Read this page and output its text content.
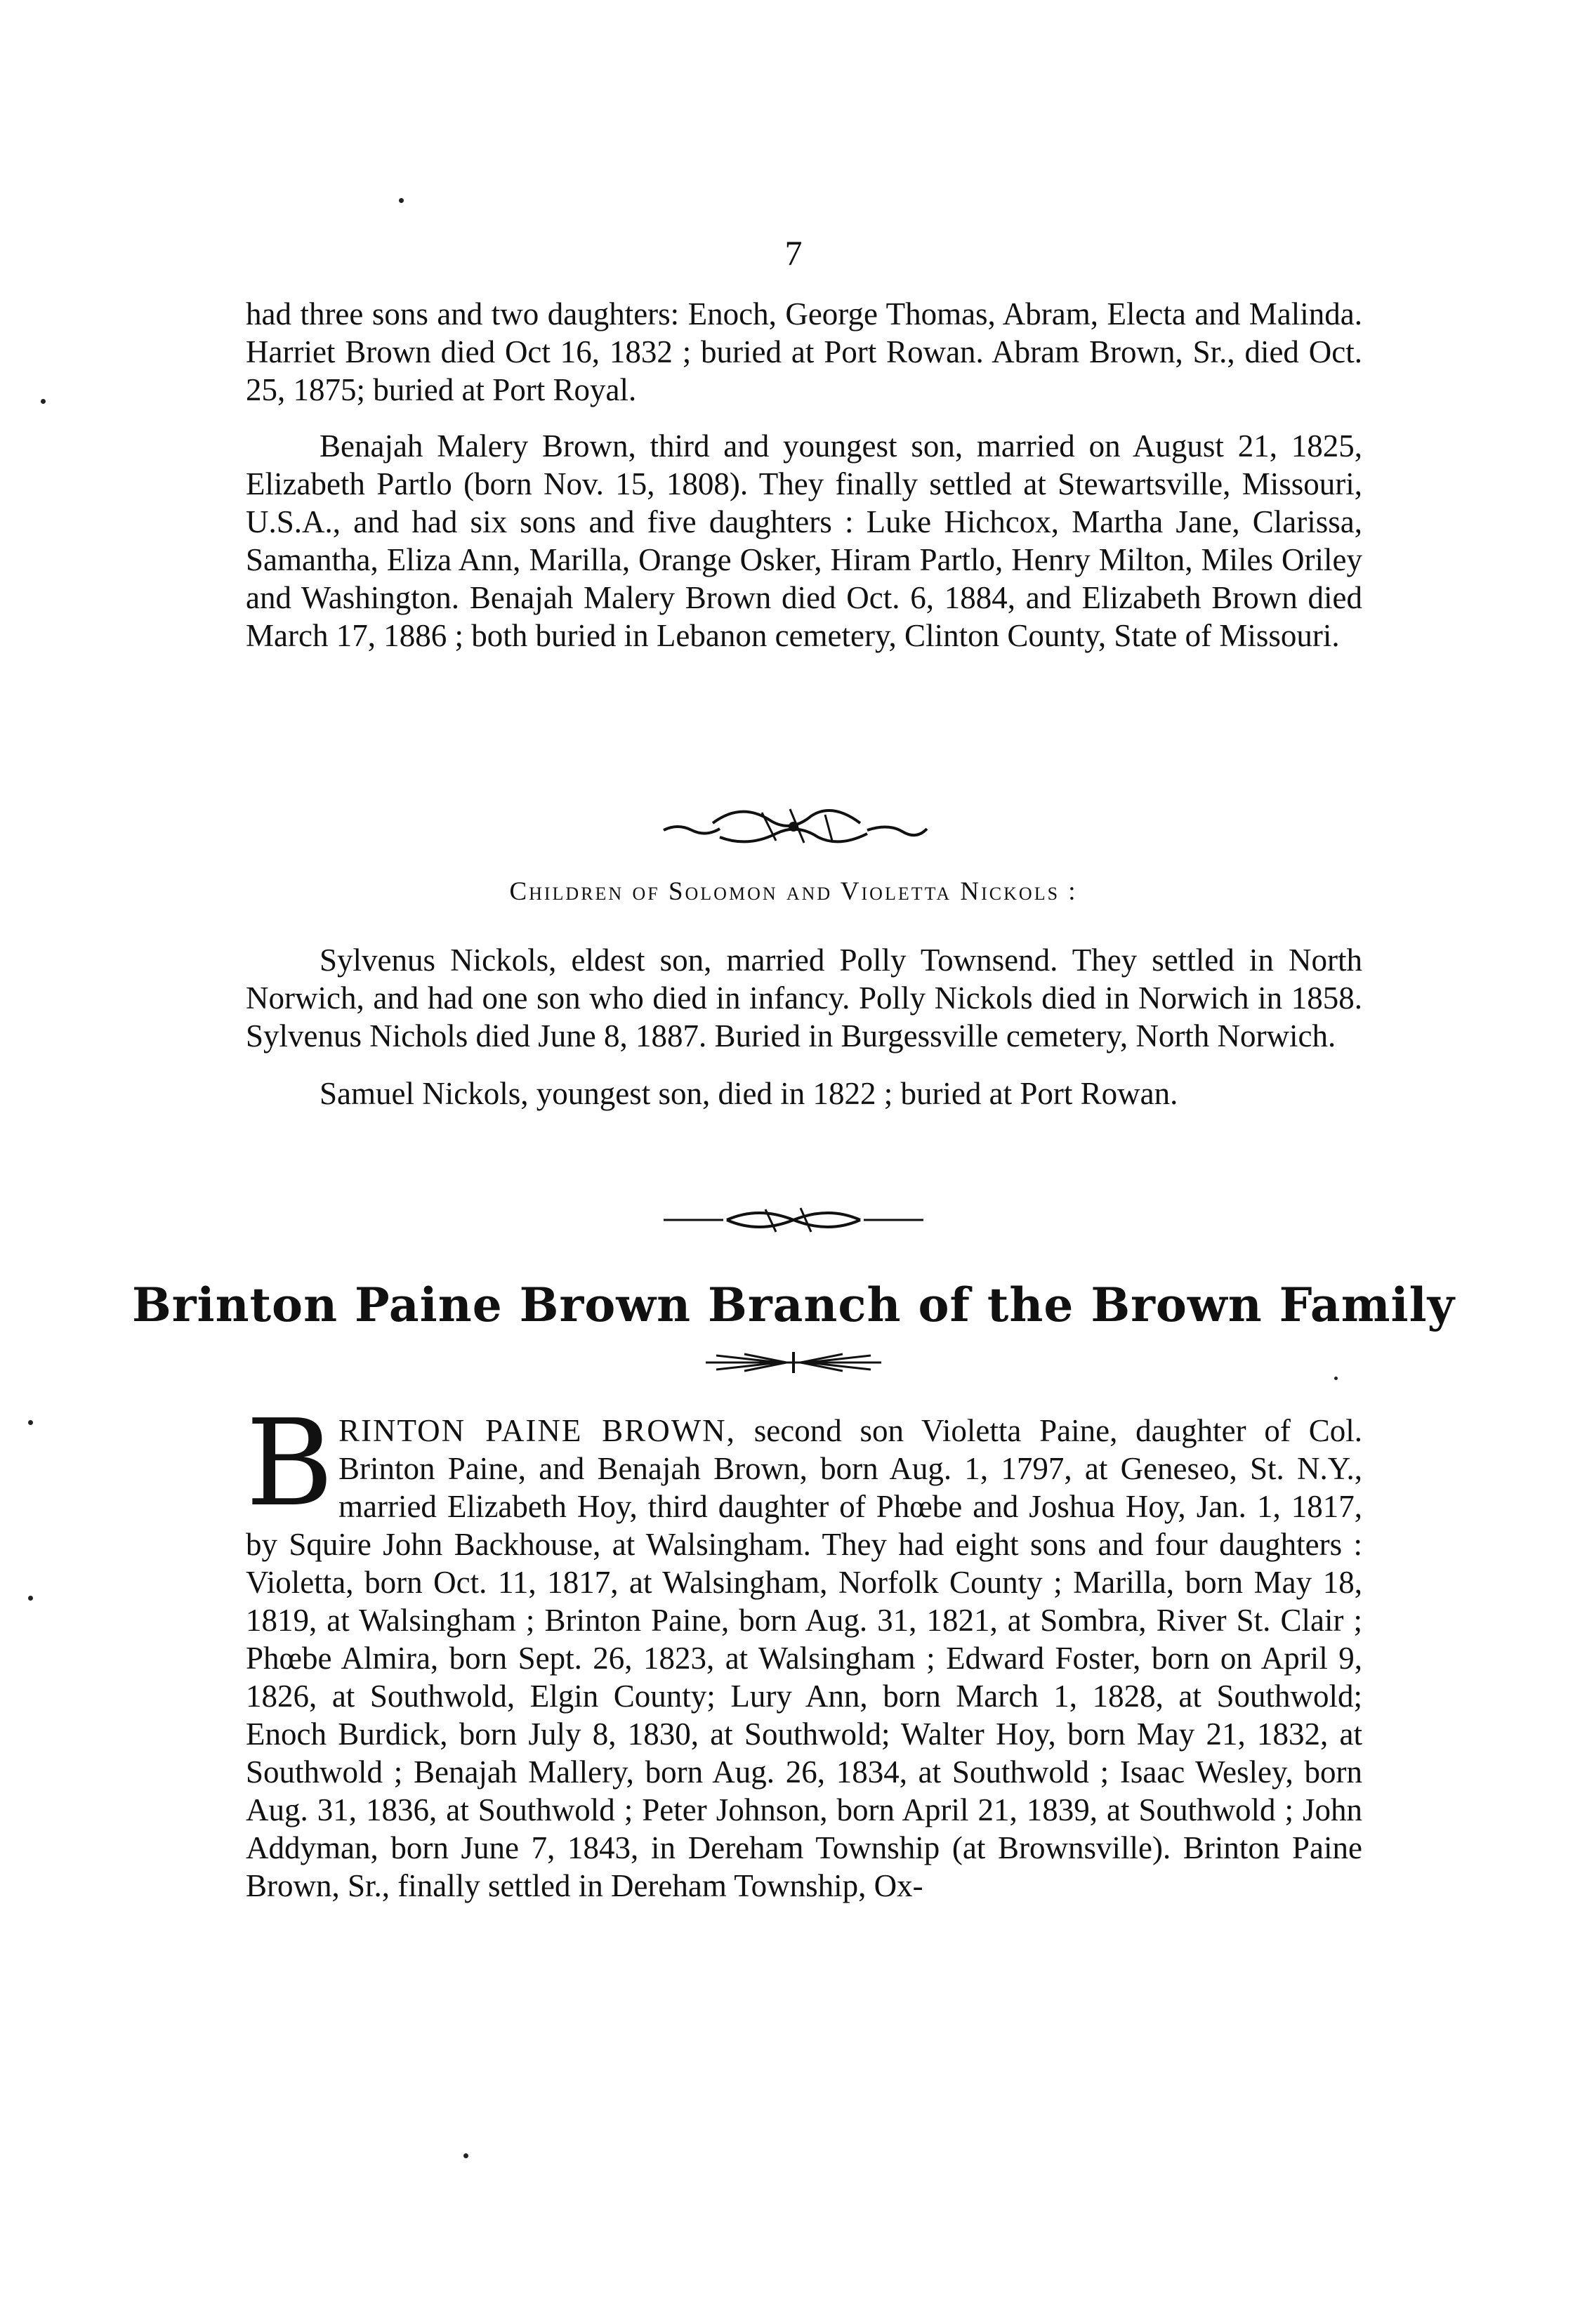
7

had three sons and two daughters: Enoch, George Thomas, Abram, Electa and Malinda. Harriet Brown died Oct 16, 1832 ; buried at Port Rowan. Abram Brown, Sr., died Oct. 25, 1875; buried at Port Royal.

Benajah Malery Brown, third and youngest son, married on August 21, 1825, Elizabeth Partlo (born Nov. 15, 1808). They finally settled at Stewartsville, Missouri, U.S.A., and had six sons and five daughters : Luke Hichcox, Martha Jane, Clarissa, Samantha, Eliza Ann, Marilla, Orange Osker, Hiram Partlo, Henry Milton, Miles Oriley and Washington. Benajah Malery Brown died Oct. 6, 1884, and Elizabeth Brown died March 17, 1886 ; both buried in Lebanon cemetery, Clinton County, State of Missouri.

Children of Solomon and Violetta Nickols :

Sylvenus Nickols, eldest son, married Polly Townsend. They settled in North Norwich, and had one son who died in infancy. Polly Nickols died in Norwich in 1858. Sylvenus Nichols died June 8, 1887. Buried in Burgessville cemetery, North Norwich.

Samuel Nickols, youngest son, died in 1822 ; buried at Port Rowan.

Brinton Paine Brown Branch of the Brown Family

BRINTON PAINE BROWN, second son Violetta Paine, daughter of Col. Brinton Paine, and Benajah Brown, born Aug. 1, 1797, at Geneseo, St. N.Y., married Elizabeth Hoy, third daughter of Phœbe and Joshua Hoy, Jan. 1, 1817, by Squire John Backhouse, at Walsingham. They had eight sons and four daughters : Violetta, born Oct. 11, 1817, at Walsingham, Norfolk County ; Marilla, born May 18, 1819, at Walsingham ; Brinton Paine, born Aug. 31, 1821, at Sombra, River St. Clair ; Phœbe Almira, born Sept. 26, 1823, at Walsingham ; Edward Foster, born on April 9, 1826, at Southwold, Elgin County; Lury Ann, born March 1, 1828, at Southwold; Enoch Burdick, born July 8, 1830, at Southwold; Walter Hoy, born May 21, 1832, at Southwold ; Benajah Mallery, born Aug. 26, 1834, at Southwold ; Isaac Wesley, born Aug. 31, 1836, at Southwold ; Peter Johnson, born April 21, 1839, at Southwold ; John Addyman, born June 7, 1843, in Dereham Township (at Brownsville). Brinton Paine Brown, Sr., finally settled in Dereham Township, Ox-
